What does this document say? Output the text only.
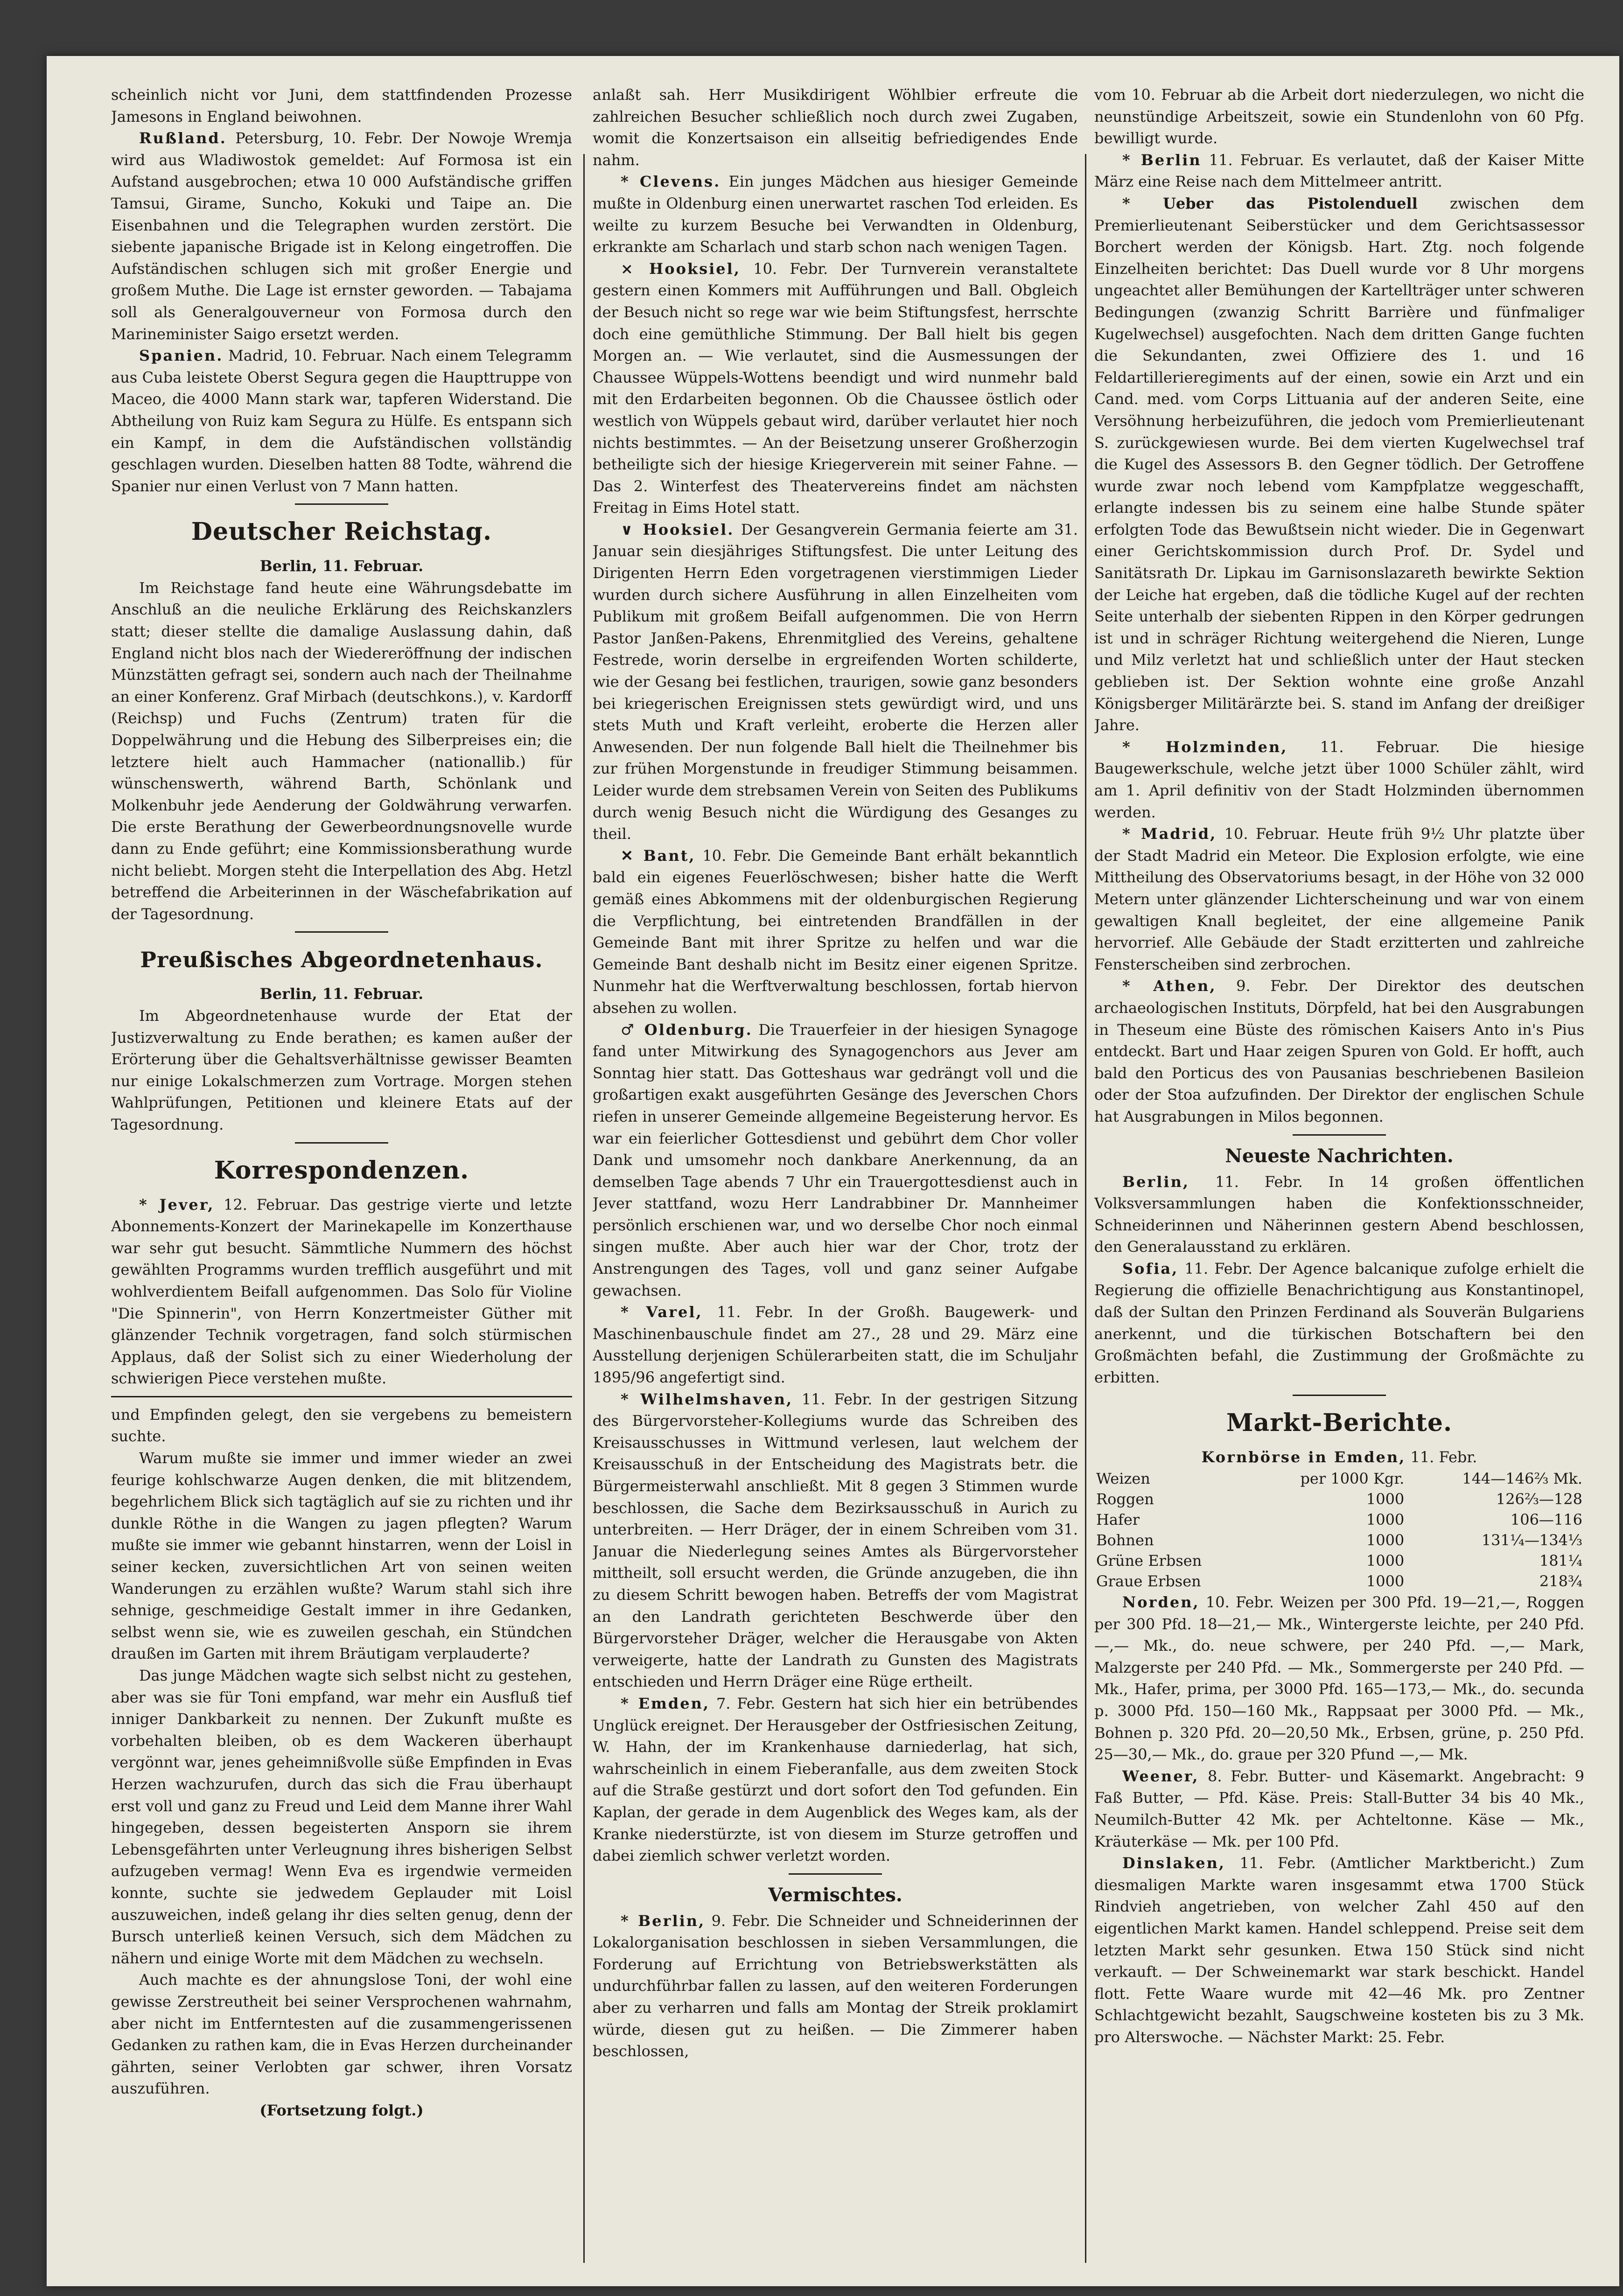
scheinlich nicht vor Juni, dem stattfindenden Prozesse Jamesons in England beiwohnen.

Rußland. Petersburg, 10. Febr. Der Nowoje Wremja wird aus Wladiwostok gemeldet: Auf Formosa ist ein Aufstand ausgebrochen; etwa 10 000 Aufständische griffen Tamsui, Girame, Suncho, Kokuki und Taipe an. Die Eisenbahnen und die Telegraphen wurden zerstört. Die siebente japanische Brigade ist in Kelong eingetroffen. Die Aufständischen schlugen sich mit großer Energie und großem Muthe. Die Lage ist ernster geworden. — Tabajama soll als Generalgouverneur von Formosa durch den Marineminister Saigo ersetzt werden.

Spanien. Madrid, 10. Februar. Nach einem Telegramm aus Cuba leistete Oberst Segura gegen die Haupttruppe von Maceo, die 4000 Mann stark war, tapferen Widerstand. Die Abtheilung von Ruiz kam Segura zu Hülfe. Es entspann sich ein Kampf, in dem die Aufständischen vollständig geschlagen wurden. Dieselben hatten 88 Todte, während die Spanier nur einen Verlust von 7 Mann hatten.

Deutscher Reichstag.

Berlin, 11. Februar.

Im Reichstage fand heute eine Währungsdebatte im Anschluß an die neuliche Erklärung des Reichskanzlers statt; dieser stellte die damalige Auslassung dahin, daß England nicht blos nach der Wiedereröffnung der indischen Münzstätten gefragt sei, sondern auch nach der Theilnahme an einer Konferenz. Graf Mirbach (deutschkons.), v. Kardorff (Reichsp) und Fuchs (Zentrum) traten für die Doppelwährung und die Hebung des Silberpreises ein; die letztere hielt auch Hammacher (nationallib.) für wünschenswerth, während Barth, Schönlank und Molkenbuhr jede Aenderung der Goldwährung verwarfen. Die erste Berathung der Gewerbeordnungsnovelle wurde dann zu Ende geführt; eine Kommissionsberathung wurde nicht beliebt. Morgen steht die Interpellation des Abg. Hetzl betreffend die Arbeiterinnen in der Wäschefabrikation auf der Tagesordnung.

Preußisches Abgeordnetenhaus.

Berlin, 11. Februar.

Im Abgeordnetenhause wurde der Etat der Justizverwaltung zu Ende berathen; es kamen außer der Erörterung über die Gehaltsverhältnisse gewisser Beamten nur einige Lokalschmerzen zum Vortrage. Morgen stehen Wahlprüfungen, Petitionen und kleinere Etats auf der Tagesordnung.

Korrespondenzen.

* Jever, 12. Februar. Das gestrige vierte und letzte Abonnements-Konzert der Marinekapelle im Konzerthause war sehr gut besucht. Sämmtliche Nummern des höchst gewählten Programms wurden trefflich ausgeführt und mit wohlverdientem Beifall aufgenommen. Das Solo für Violine "Die Spinnerin", von Herrn Konzertmeister Güther mit glänzender Technik vorgetragen, fand solch stürmischen Applaus, daß der Solist sich zu einer Wiederholung der schwierigen Piece verstehen mußte.

und Empfinden gelegt, den sie vergebens zu bemeistern suchte.

Warum mußte sie immer und immer wieder an zwei feurige kohlschwarze Augen denken, die mit blitzendem, begehrlichem Blick sich tagtäglich auf sie zu richten und ihr dunkle Röthe in die Wangen zu jagen pflegten? Warum mußte sie immer wie gebannt hinstarren, wenn der Loisl in seiner kecken, zuversichtlichen Art von seinen weiten Wanderungen zu erzählen wußte? Warum stahl sich ihre sehnige, geschmeidige Gestalt immer in ihre Gedanken, selbst wenn sie, wie es zuweilen geschah, ein Stündchen draußen im Garten mit ihrem Bräutigam verplauderte?

Das junge Mädchen wagte sich selbst nicht zu gestehen, aber was sie für Toni empfand, war mehr ein Ausfluß tief inniger Dankbarkeit zu nennen. Der Zukunft mußte es vorbehalten bleiben, ob es dem Wackeren überhaupt vergönnt war, jenes geheimnißvolle süße Empfinden in Evas Herzen wachzurufen, durch das sich die Frau überhaupt erst voll und ganz zu Freud und Leid dem Manne ihrer Wahl hingegeben, dessen begeisterten Ansporn sie ihrem Lebensgefährten unter Verleugnung ihres bisherigen Selbst aufzugeben vermag! Wenn Eva es irgendwie vermeiden konnte, suchte sie jedwedem Geplauder mit Loisl auszuweichen, indeß gelang ihr dies selten genug, denn der Bursch unterließ keinen Versuch, sich dem Mädchen zu nähern und einige Worte mit dem Mädchen zu wechseln.

Auch machte es der ahnungslose Toni, der wohl eine gewisse Zerstreutheit bei seiner Versprochenen wahrnahm, aber nicht im Entferntesten auf die zusammengerissenen Gedanken zu rathen kam, die in Evas Herzen durcheinander gährten, seiner Verlobten gar schwer, ihren Vorsatz auszuführen.

(Fortsetzung folgt.)

anlaßt sah. Herr Musikdirigent Wöhlbier erfreute die zahlreichen Besucher schließlich noch durch zwei Zugaben, womit die Konzertsaison ein allseitig befriedigendes Ende nahm.

* Clevens. Ein junges Mädchen aus hiesiger Gemeinde mußte in Oldenburg einen unerwartet raschen Tod erleiden. Es weilte zu kurzem Besuche bei Verwandten in Oldenburg, erkrankte am Scharlach und starb schon nach wenigen Tagen.

× Hooksiel, 10. Febr. Der Turnverein veranstaltete gestern einen Kommers mit Aufführungen und Ball. Obgleich der Besuch nicht so rege war wie beim Stiftungsfest, herrschte doch eine gemüthliche Stimmung. Der Ball hielt bis gegen Morgen an. — Wie verlautet, sind die Ausmessungen der Chaussee Wüppels-Wottens beendigt und wird nunmehr bald mit den Erdarbeiten begonnen. Ob die Chaussee östlich oder westlich von Wüppels gebaut wird, darüber verlautet hier noch nichts bestimmtes. — An der Beisetzung unserer Großherzogin betheiligte sich der hiesige Kriegerverein mit seiner Fahne. — Das 2. Winterfest des Theatervereins findet am nächsten Freitag in Eims Hotel statt.

∨ Hooksiel. Der Gesangverein Germania feierte am 31. Januar sein diesjähriges Stiftungsfest. Die unter Leitung des Dirigenten Herrn Eden vorgetragenen vierstimmigen Lieder wurden durch sichere Ausführung in allen Einzelheiten vom Publikum mit großem Beifall aufgenommen. Die von Herrn Pastor Janßen-Pakens, Ehrenmitglied des Vereins, gehaltene Festrede, worin derselbe in ergreifenden Worten schilderte, wie der Gesang bei festlichen, traurigen, sowie ganz besonders bei kriegerischen Ereignissen stets gewürdigt wird, und uns stets Muth und Kraft verleiht, eroberte die Herzen aller Anwesenden. Der nun folgende Ball hielt die Theilnehmer bis zur frühen Morgenstunde in freudiger Stimmung beisammen. Leider wurde dem strebsamen Verein von Seiten des Publikums durch wenig Besuch nicht die Würdigung des Gesanges zu theil.

✕ Bant, 10. Febr. Die Gemeinde Bant erhält bekanntlich bald ein eigenes Feuerlöschwesen; bisher hatte die Werft gemäß eines Abkommens mit der oldenburgischen Regierung die Verpflichtung, bei eintretenden Brandfällen in der Gemeinde Bant mit ihrer Spritze zu helfen und war die Gemeinde Bant deshalb nicht im Besitz einer eigenen Spritze. Nunmehr hat die Werftverwaltung beschlossen, fortab hiervon absehen zu wollen.

♂ Oldenburg. Die Trauerfeier in der hiesigen Synagoge fand unter Mitwirkung des Synagogenchors aus Jever am Sonntag hier statt. Das Gotteshaus war gedrängt voll und die großartigen exakt ausgeführten Gesänge des Jeverschen Chors riefen in unserer Gemeinde allgemeine Begeisterung hervor. Es war ein feierlicher Gottesdienst und gebührt dem Chor voller Dank und umsomehr noch dankbare Anerkennung, da an demselben Tage abends 7 Uhr ein Trauergottesdienst auch in Jever stattfand, wozu Herr Landrabbiner Dr. Mannheimer persönlich erschienen war, und wo derselbe Chor noch einmal singen mußte. Aber auch hier war der Chor, trotz der Anstrengungen des Tages, voll und ganz seiner Aufgabe gewachsen.

* Varel, 11. Febr. In der Großh. Baugewerk- und Maschinenbauschule findet am 27., 28 und 29. März eine Ausstellung derjenigen Schülerarbeiten statt, die im Schuljahr 1895/96 angefertigt sind.

* Wilhelmshaven, 11. Febr. In der gestrigen Sitzung des Bürgervorsteher-Kollegiums wurde das Schreiben des Kreisausschusses in Wittmund verlesen, laut welchem der Kreisausschuß in der Entscheidung des Magistrats betr. die Bürgermeisterwahl anschließt. Mit 8 gegen 3 Stimmen wurde beschlossen, die Sache dem Bezirksausschuß in Aurich zu unterbreiten. — Herr Dräger, der in einem Schreiben vom 31. Januar die Niederlegung seines Amtes als Bürgervorsteher mittheilt, soll ersucht werden, die Gründe anzugeben, die ihn zu diesem Schritt bewogen haben. Betreffs der vom Magistrat an den Landrath gerichteten Beschwerde über den Bürgervorsteher Dräger, welcher die Herausgabe von Akten verweigerte, hatte der Landrath zu Gunsten des Magistrats entschieden und Herrn Dräger eine Rüge ertheilt.

* Emden, 7. Febr. Gestern hat sich hier ein betrübendes Unglück ereignet. Der Herausgeber der Ostfriesischen Zeitung, W. Hahn, der im Krankenhause darniederlag, hat sich, wahrscheinlich in einem Fieberanfalle, aus dem zweiten Stock auf die Straße gestürzt und dort sofort den Tod gefunden. Ein Kaplan, der gerade in dem Augenblick des Weges kam, als der Kranke niederstürzte, ist von diesem im Sturze getroffen und dabei ziemlich schwer verletzt worden.

Vermischtes.

* Berlin, 9. Febr. Die Schneider und Schneiderinnen der Lokalorganisation beschlossen in sieben Versammlungen, die Forderung auf Errichtung von Betriebswerkstätten als undurchführbar fallen zu lassen, auf den weiteren Forderungen aber zu verharren und falls am Montag der Streik proklamirt würde, diesen gut zu heißen. — Die Zimmerer haben beschlossen,

vom 10. Februar ab die Arbeit dort niederzulegen, wo nicht die neunstündige Arbeitszeit, sowie ein Stundenlohn von 60 Pfg. bewilligt wurde.

* Berlin 11. Februar. Es verlautet, daß der Kaiser Mitte März eine Reise nach dem Mittelmeer antritt.

* Ueber das Pistolenduell zwischen dem Premierlieutenant Seiberstücker und dem Gerichtsassessor Borchert werden der Königsb. Hart. Ztg. noch folgende Einzelheiten berichtet: Das Duell wurde vor 8 Uhr morgens ungeachtet aller Bemühungen der Kartellträger unter schweren Bedingungen (zwanzig Schritt Barrière und fünfmaliger Kugelwechsel) ausgefochten. Nach dem dritten Gange fuchten die Sekundanten, zwei Offiziere des 1. und 16 Feldartillerieregiments auf der einen, sowie ein Arzt und ein Cand. med. vom Corps Littuania auf der anderen Seite, eine Versöhnung herbeizuführen, die jedoch vom Premierlieutenant S. zurückgewiesen wurde. Bei dem vierten Kugelwechsel traf die Kugel des Assessors B. den Gegner tödlich. Der Getroffene wurde zwar noch lebend vom Kampfplatze weggeschafft, erlangte indessen bis zu seinem eine halbe Stunde später erfolgten Tode das Bewußtsein nicht wieder. Die in Gegenwart einer Gerichtskommission durch Prof. Dr. Sydel und Sanitätsrath Dr. Lipkau im Garnisonslazareth bewirkte Sektion der Leiche hat ergeben, daß die tödliche Kugel auf der rechten Seite unterhalb der siebenten Rippen in den Körper gedrungen ist und in schräger Richtung weitergehend die Nieren, Lunge und Milz verletzt hat und schließlich unter der Haut stecken geblieben ist. Der Sektion wohnte eine große Anzahl Königsberger Militärärzte bei. S. stand im Anfang der dreißiger Jahre.

* Holzminden, 11. Februar. Die hiesige Baugewerkschule, welche jetzt über 1000 Schüler zählt, wird am 1. April definitiv von der Stadt Holzminden übernommen werden.

* Madrid, 10. Februar. Heute früh 9½ Uhr platzte über der Stadt Madrid ein Meteor. Die Explosion erfolgte, wie eine Mittheilung des Observatoriums besagt, in der Höhe von 32 000 Metern unter glänzender Lichterscheinung und war von einem gewaltigen Knall begleitet, der eine allgemeine Panik hervorrief. Alle Gebäude der Stadt erzitterten und zahlreiche Fensterscheiben sind zerbrochen.

* Athen, 9. Febr. Der Direktor des deutschen archaeologischen Instituts, Dörpfeld, hat bei den Ausgrabungen in Theseum eine Büste des römischen Kaisers Anto in's Pius entdeckt. Bart und Haar zeigen Spuren von Gold. Er hofft, auch bald den Porticus des von Pausanias beschriebenen Basileion oder der Stoa aufzufinden. Der Direktor der englischen Schule hat Ausgrabungen in Milos begonnen.

Neueste Nachrichten.

Berlin, 11. Febr. In 14 großen öffentlichen Volksversammlungen haben die Konfektionsschneider, Schneiderinnen und Näherinnen gestern Abend beschlossen, den Generalausstand zu erklären.

Sofia, 11. Febr. Der Agence balcanique zufolge erhielt die Regierung die offizielle Benachrichtigung aus Konstantinopel, daß der Sultan den Prinzen Ferdinand als Souverän Bulgariens anerkennt, und die türkischen Botschaftern bei den Großmächten befahl, die Zustimmung der Großmächte zu erbitten.

Markt-Berichte.

Kornbörse in Emden, 11. Febr.

Weizen	per 1000 Kgr.	144—146⅔ Mk.
Roggen	1000	126⅔—128
Hafer	1000	106—116
Bohnen	1000	131¼—134⅓
Grüne Erbsen	1000	181¼
Graue Erbsen	1000	218¾

Norden, 10. Febr. Weizen per 300 Pfd. 19—21,—, Roggen per 300 Pfd. 18—21,— Mk., Wintergerste leichte, per 240 Pfd. —,— Mk., do. neue schwere, per 240 Pfd. —,— Mark, Malzgerste per 240 Pfd. — Mk., Sommergerste per 240 Pfd. — Mk., Hafer, prima, per 3000 Pfd. 165—173,— Mk., do. secunda p. 3000 Pfd. 150—160 Mk., Rappsaat per 3000 Pfd. — Mk., Bohnen p. 320 Pfd. 20—20,50 Mk., Erbsen, grüne, p. 250 Pfd. 25—30,— Mk., do. graue per 320 Pfund —,— Mk.

Weener, 8. Febr. Butter- und Käsemarkt. Angebracht: 9 Faß Butter, — Pfd. Käse. Preis: Stall-Butter 34 bis 40 Mk., Neumilch-Butter 42 Mk. per Achteltonne. Käse — Mk., Kräuterkäse — Mk. per 100 Pfd.

Dinslaken, 11. Febr. (Amtlicher Marktbericht.) Zum diesmaligen Markte waren insgesammt etwa 1700 Stück Rindvieh angetrieben, von welcher Zahl 450 auf den eigentlichen Markt kamen. Handel schleppend. Preise seit dem letzten Markt sehr gesunken. Etwa 150 Stück sind nicht verkauft. — Der Schweinemarkt war stark beschickt. Handel flott. Fette Waare wurde mit 42—46 Mk. pro Zentner Schlachtgewicht bezahlt, Saugschweine kosteten bis zu 3 Mk. pro Alterswoche. — Nächster Markt: 25. Febr.
